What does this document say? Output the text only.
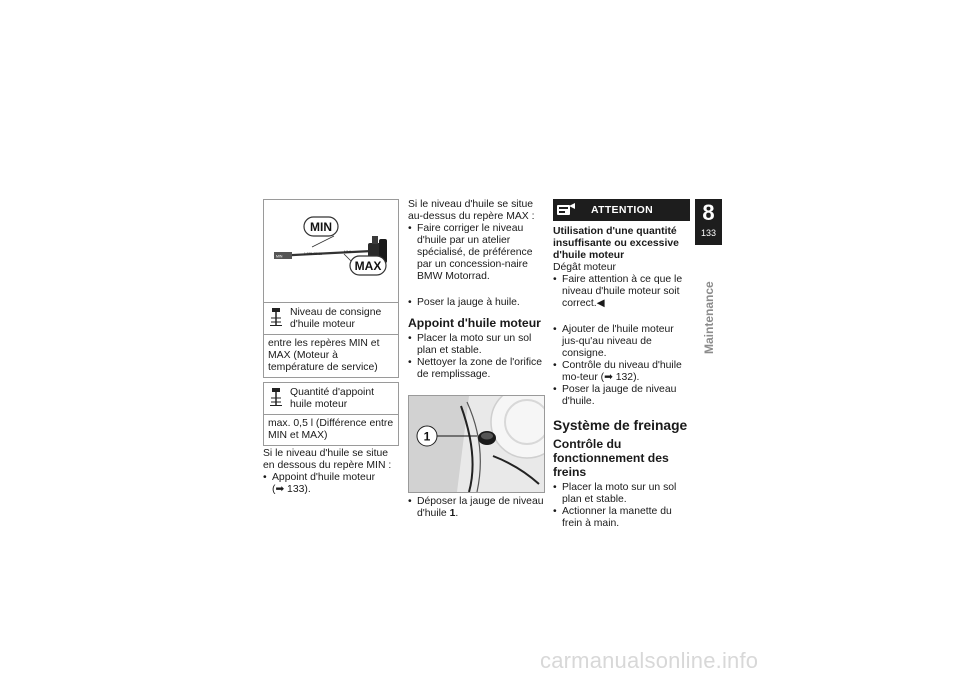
MIN
1 FF5 CE 20	MAX
MIN
MAX
Niveau de consigne d'huile moteur
entre les repères MIN et MAX (Moteur à température de service)
Quantité d'appoint huile moteur
max. 0,5 l (Différence entre MIN et MAX)

Si le niveau d'huile se situe en dessous du repère MIN :

• Appoint d'huile moteur
(➡ 133).

Si le niveau d'huile se situe au-dessus du repère MAX :

• Faire corriger le niveau d'huile par un atelier spécialisé, de préférence par un concession-naire BMW Motorrad.
• Poser la jauge à huile.
Appoint d'huile moteur
• Placer la moto sur un sol plan et stable.
• Nettoyer la zone de l'orifice de remplissage.
1
• Déposer la jauge de niveau d'huile 1.
ATTENTION

Utilisation d'une quantité insuffisante ou excessive d'huile moteur

Dégât moteur

• Faire attention à ce que le niveau d'huile moteur soit correct.◀
• Ajouter de l'huile moteur jus-qu'au niveau de consigne.
• Contrôle du niveau d'huile mo-teur (➡ 132).
• Poser la jauge de niveau d'huile.
Système de freinage
Contrôle du fonctionnement des freins
• Placer la moto sur un sol plan et stable.
• Actionner la manette du frein à main.
8
133
Maintenance
carmanualsonline.info
